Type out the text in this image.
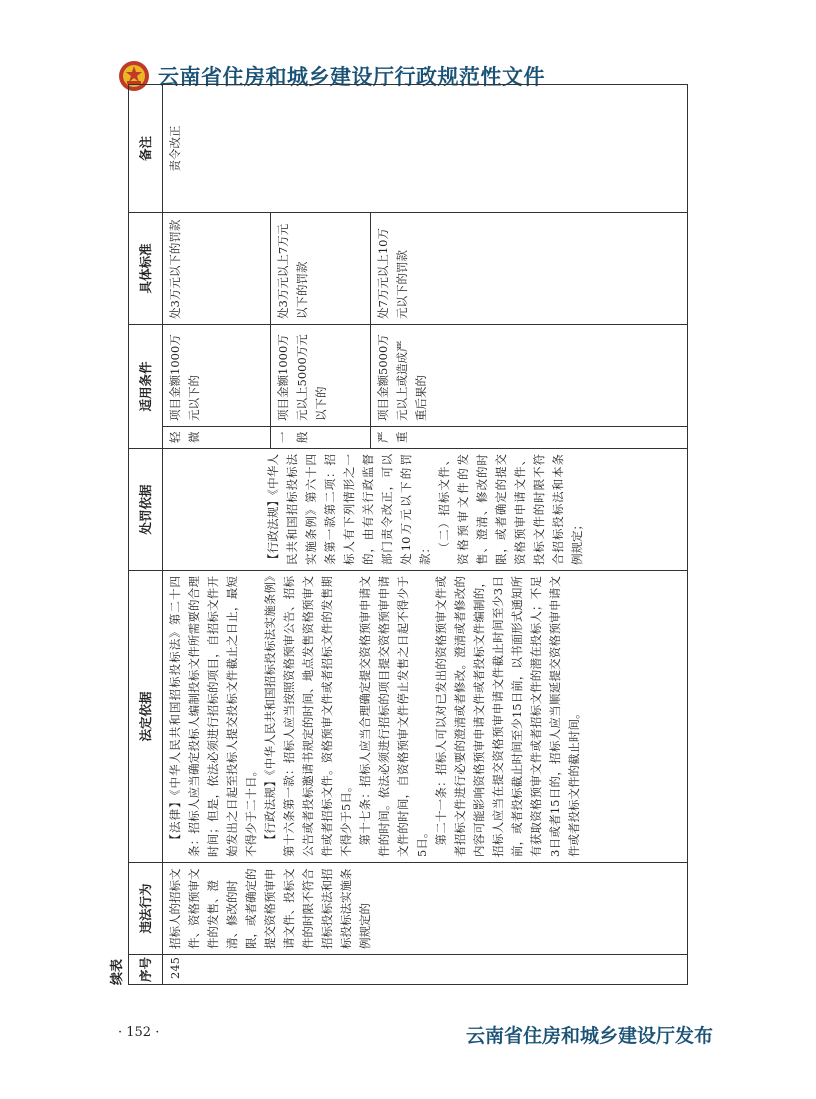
云南省住房和城乡建设厅行政规范性文件
续表 序号	违法行为	法定依据	处罚依据	适用条件		具体标准	备注
245	招标人的招标文件、资格预审文件的发售、澄清、修改的时限，或者确定的提交资格预审申请文件、投标文件的时限不符合招标投标法和招标投标法实施条例规定的	【法律】《中华人民共和国招标投标法》第二十四条：招标人应当确定投标人编制投标文件所需要的合理时间；但是，依法必须进行招标的项目，自招标文件开始发出之日起至投标人提交投标文件截止之日止，最短不得少于二十日。 【行政法规】《中华人民共和国招标投标法实施条例》第十六条第一款：招标人应当按照资格预审公告、招标公告或者投标邀请书规定的时间、地点发售资格预审文件或者招标文件。资格预审文件或者招标文件的发售期不得少于5日。 第十七条：招标人应当合理确定提交资格预审申请文件的时间。依法必须进行招标的项目提交资格预审申请文件的时间，自资格预审文件停止发售之日起不得少于5日。 第二十一条：招标人可以对已发出的资格预审文件或者招标文件进行必要的澄清或者修改。澄清或者修改的内容可能影响资格预审申请文件或者投标文件编制的，招标人应当在提交资格预审申请文件截止时间至少3日前，或者投标截止时间至少15日前，以书面形式通知所有获取资格预审文件或者招标文件的潜在投标人；不足3日或者15日的，招标人应当顺延提交资格预审申请文件或者投标文件的截止时间。	【行政法规】《中华人民共和国招标投标法实施条例》第六十四条第一款第二项：招标人有下列情形之一的，由有关行政监督部门责令改正，可以处10万元以下的罚款： （二）招标文件、资格预审文件的发售、澄清、修改的时限，或者确定的提交资格预审申请文件、投标文件的时限不符合招标投标法和本条例规定；	轻微	项目金额1000万元以下的	处3万元以下的罚款	责令改正
				一般	项目金额1000万元以上5000万元以下的	处3万元以上7万元以下的罚款	
				严重	项目金额5000万元以上或造成严重后果的	处7万元以上10万元以下的罚款	
· 152 ·	云南省住房和城乡建设厅发布
